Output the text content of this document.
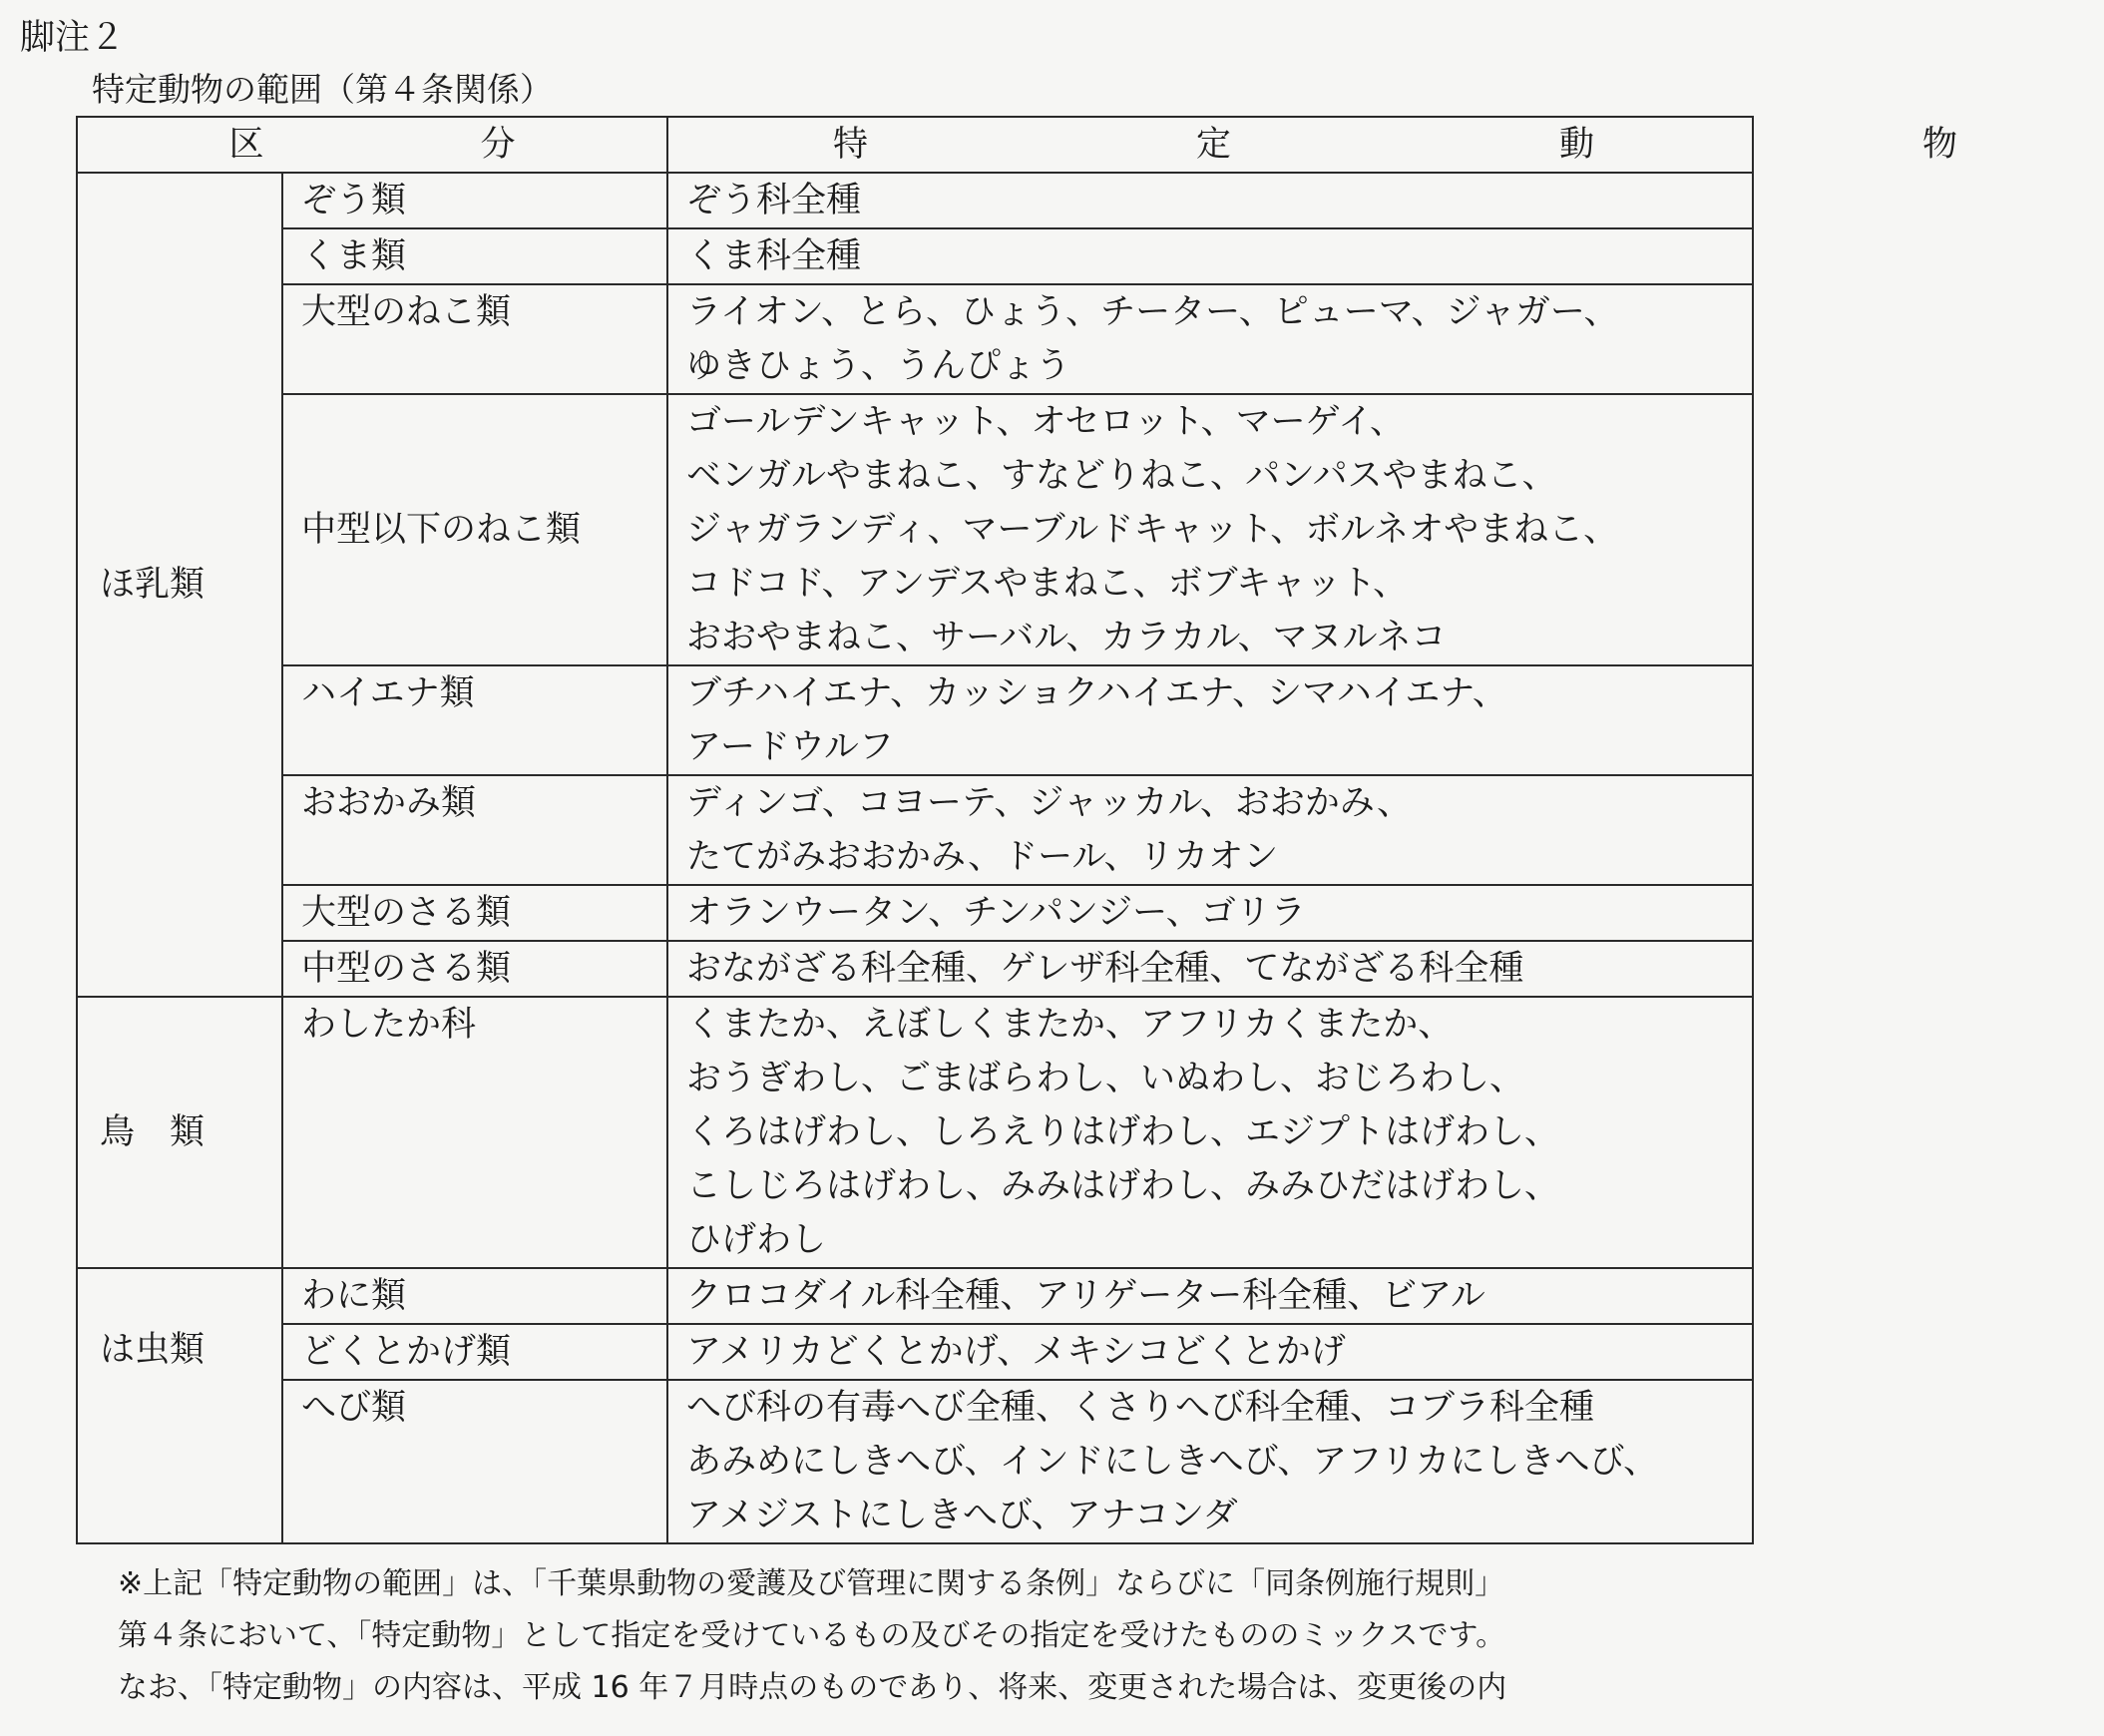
脚注２
特定動物の範囲（第４条関係）
区　分		特　定　動　物
ほ乳類	ぞう類	ぞう科全種

	くま類	くま科全種

	大型のねこ類	ライオン、とら、ひょう、チーター、ピューマ、ジャガー、
ゆきひょう、うんぴょう

	中型以下のねこ類	ゴールデンキャット、オセロット、マーゲイ、
ベンガルやまねこ、すなどりねこ、パンパスやまねこ、
ジャガランディ、マーブルドキャット、ボルネオやまねこ、
コドコド、アンデスやまねこ、ボブキャット、
おおやまねこ、サーバル、カラカル、マヌルネコ

	ハイエナ類	ブチハイエナ、カッショクハイエナ、シマハイエナ、
アードウルフ

	おおかみ類	ディンゴ、コヨーテ、ジャッカル、おおかみ、
たてがみおおかみ、ドール、リカオン

	大型のさる類	オランウータン、チンパンジー、ゴリラ

	中型のさる類	おながざる科全種、ゲレザ科全種、てながざる科全種

鳥　類	わしたか科	くまたか、えぼしくまたか、アフリカくまたか、
おうぎわし、ごまばらわし、いぬわし、おじろわし、
くろはげわし、しろえりはげわし、エジプトはげわし、
こしじろはげわし、みみはげわし、みみひだはげわし、
ひげわし

は虫類	わに類	クロコダイル科全種、アリゲーター科全種、ビアル

	どくとかげ類	アメリカどくとかげ、メキシコどくとかげ

	へび類	へび科の有毒へび全種、くさりへび科全種、コブラ科全種
あみめにしきへび、インドにしきへび、アフリカにしきへび、
アメジストにしきへび、アナコンダ
※上記「特定動物の範囲」は、「千葉県動物の愛護及び管理に関する条例」ならびに「同条例施行規則」
第４条において、「特定動物」として指定を受けているもの及びその指定を受けたもののミックスです。
なお、「特定動物」の内容は、平成 16 年７月時点のものであり、将来、変更された場合は、変更後の内
